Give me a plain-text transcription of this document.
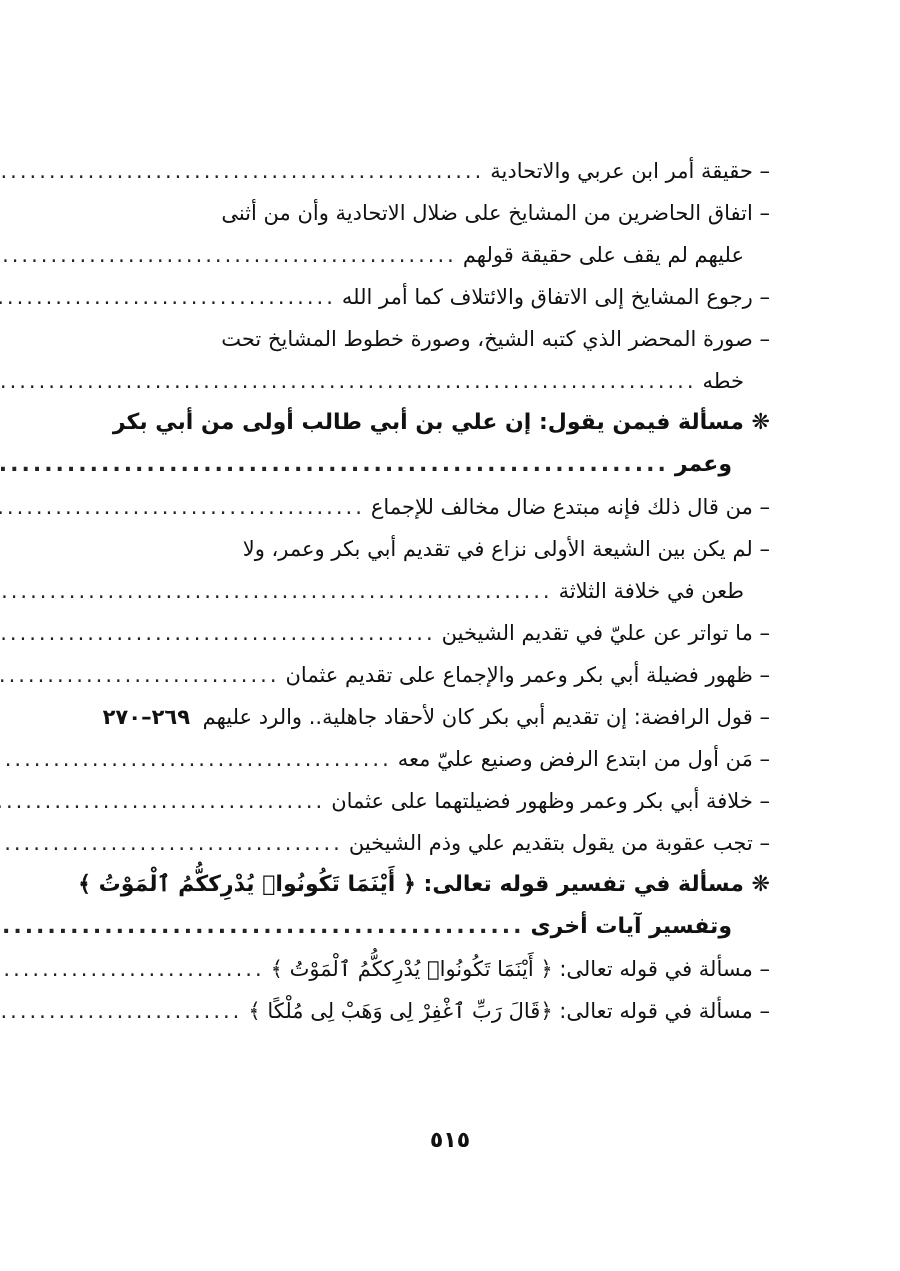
– حقيقة أمر ابن عربي والاتحادية
.....
– اتفاق الحاضرين من المشايخ على ضلال الاتحادية وأن من أثنى
عليهم لم يقف على حقيقة قولهم
.....
– رجوع المشايخ إلى الاتفاق والائتلاف كما أمر الله
.....
– صورة المحضر الذي كتبه الشيخ، وصورة خطوط المشايخ تحت
خطه
.....
❋ مسألة فيمن يقول: إن علي بن أبي طالب أولى من أبي بكر
وعمر
.....
– من قال ذلك فإنه مبتدع ضال مخالف للإجماع
.....
– لم يكن بين الشيعة الأولى نزاع في تقديم أبي بكر وعمر، ولا
طعن في خلافة الثلاثة
.....
– ما تواتر عن عليّ في تقديم الشيخين
.....
– ظهور فضيلة أبي بكر وعمر والإجماع على تقديم عثمان
.....
– قول الرافضة: إن تقديم أبي بكر كان لأحقاد جاهلية.. والرد عليهم
٢٦٩–٢٧٠
– مَن أول من ابتدع الرفض وصنيع عليّ معه
.....
– خلافة أبي بكر وعمر وظهور فضيلتهما على عثمان
.....
– تجب عقوبة من يقول بتقديم علي وذم الشيخين
.....
❋ مسألة في تفسير قوله تعالى: ﴿ أَيْنَمَا تَكُونُوا۟ يُدْرِككُّمُ ٱلْمَوْتُ ﴾
وتفسير آيات أخرى
.....
– مسألة في قوله تعالى: ﴿ أَيْنَمَا تَكُونُوا۟ يُدْرِككُّمُ ٱلْمَوْتُ ﴾
.....
– مسألة في قوله تعالى: ﴿قَالَ رَبِّ ٱغْفِرْ لِى وَهَبْ لِى مُلْكًا ﴾
.....
٥١٥
